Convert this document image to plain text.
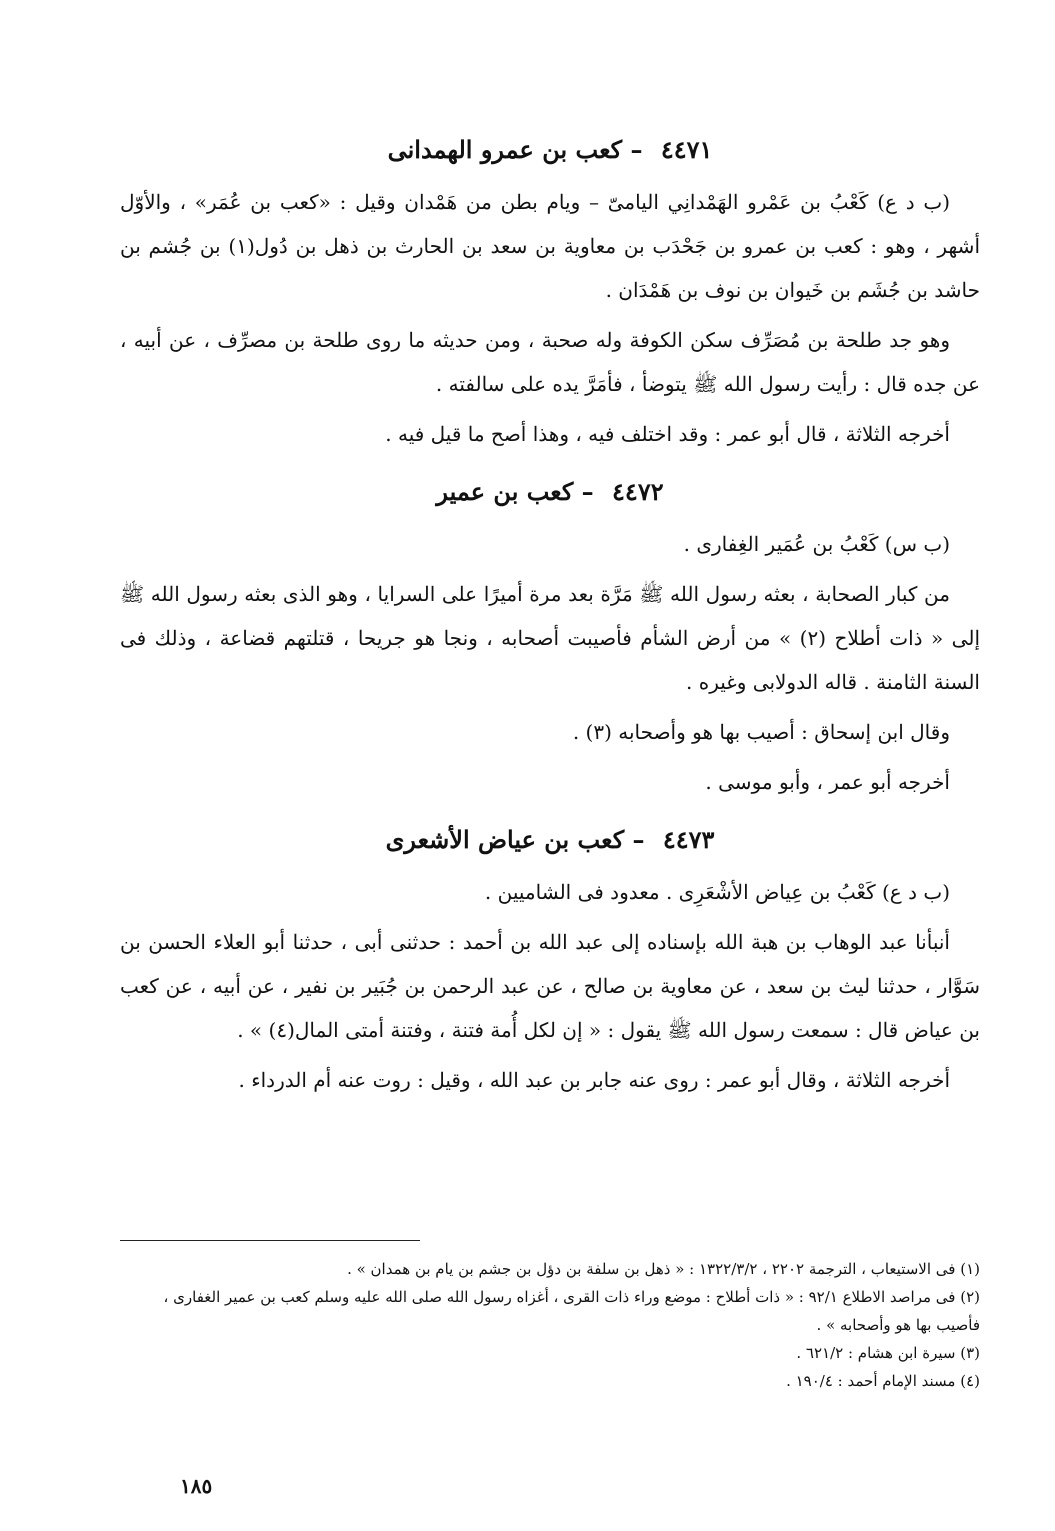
٤٤٧١ – كعب بن عمرو الهمدانى

(ب د ع) كَعْبُ بن عَمْرو الهَمْدانِي اليامىّ – ويام بطن من هَمْدان وقيل : «كعب بن عُمَر» ، والأوّل أشهر ، وهو : كعب بن عمرو بن جَحْدَب بن معاوية بن سعد بن الحارث بن ذهل بن دُول(١) بن جُشم بن حاشد بن جُشَم بن خَيوان بن نوف بن هَمْدَان .

وهو جد طلحة بن مُصَرِّف سكن الكوفة وله صحبة ، ومن حديثه ما روى طلحة بن مصرِّف ، عن أبيه ، عن جده قال : رأيت رسول الله ﷺ يتوضأ ، فأمَرَّ يده على سالفته .

أخرجه الثلاثة ، قال أبو عمر : وقد اختلف فيه ، وهذا أصح ما قيل فيه .

٤٤٧٢ – كعب بن عمير

(ب س) كَعْبُ بن عُمَير الغِفارى .

من كبار الصحابة ، بعثه رسول الله ﷺ مَرَّة بعد مرة أميرًا على السرايا ، وهو الذى بعثه رسول الله ﷺ إلى « ذات أطلاح (٢) » من أرض الشأم فأصيبت أصحابه ، ونجا هو جريحا ، قتلتهم قضاعة ، وذلك فى السنة الثامنة . قاله الدولابى وغيره .

وقال ابن إسحاق : أصيب بها هو وأصحابه (٣) .

أخرجه أبو عمر ، وأبو موسى .

٤٤٧٣ – كعب بن عياض الأشعرى

(ب د ع) كَعْبُ بن عِياض الأشْعَرِى . معدود فى الشاميين .

أنبأنا عبد الوهاب بن هبة الله بإسناده إلى عبد الله بن أحمد : حدثنى أبى ، حدثنا أبو العلاء الحسن بن سَوَّار ، حدثنا ليث بن سعد ، عن معاوية بن صالح ، عن عبد الرحمن بن جُبَير بن نفير ، عن أبيه ، عن كعب بن عياض قال : سمعت رسول الله ﷺ يقول : « إن لكل أُمة فتنة ، وفتنة أمتى المال(٤) » .

أخرجه الثلاثة ، وقال أبو عمر : روى عنه جابر بن عبد الله ، وقيل : روت عنه أم الدرداء .

(١) فى الاستيعاب ، الترجمة ٢٢٠٢ ، ١٣٢٢/٣/٢ : « ذهل بن سلفة بن دؤل بن جشم بن يام بن همدان » .

(٢) فى مراصد الاطلاع ٩٢/١ : « ذات أطلاح : موضع وراء ذات القرى ، أغزاه رسول الله صلى الله عليه وسلم كعب بن عمير الغفارى ، فأصيب بها هو وأصحابه » .

(٣) سيرة ابن هشام : ٦٢١/٢ .

(٤) مسند الإمام أحمد : ١٩٠/٤ .

١٨٥
